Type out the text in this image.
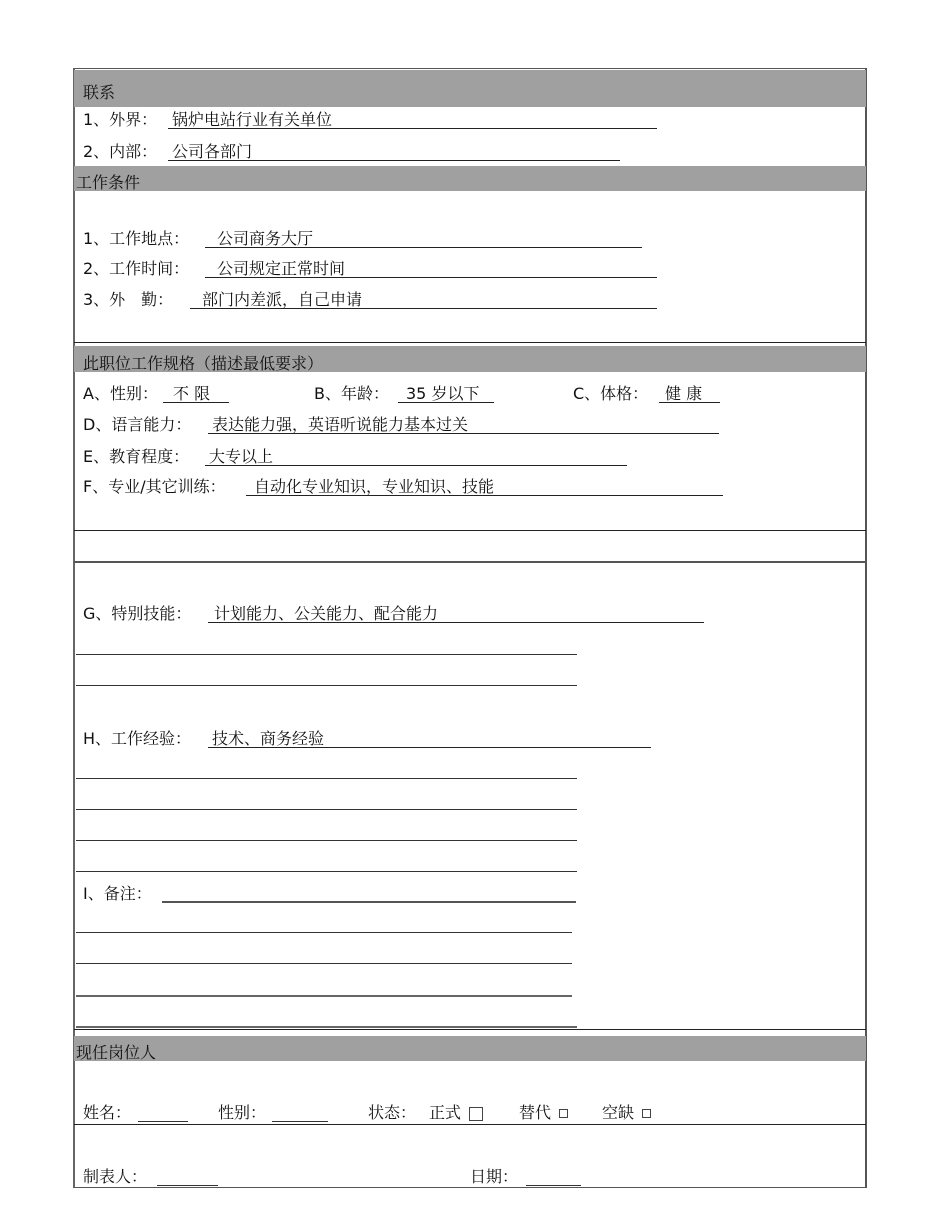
联系
1、外界： 锅炉电站行业有关单位
2、内部： 公司各部门
工作条件
1、工作地点：	公司商务大厅
2、工作时间：	公司规定正常时间
3、外　勤：	部门内差派，自己申请
此职位工作规格（描述最低要求）
A、性别： 不 限	B、年龄：	35 岁以下	C、体格：	健 康
D、语言能力： 表达能力强，英语听说能力基本过关
E、教育程度： 大专以上
F、专业/其它训练：	自动化专业知识，专业知识、技能
G、特别技能：	计划能力、公关能力、配合能力
H、工作经验： 技术、商务经验
I、备注：
现任岗位人
姓名：	性别：	状态： 正式	替代	空缺
制表人：	日期：
